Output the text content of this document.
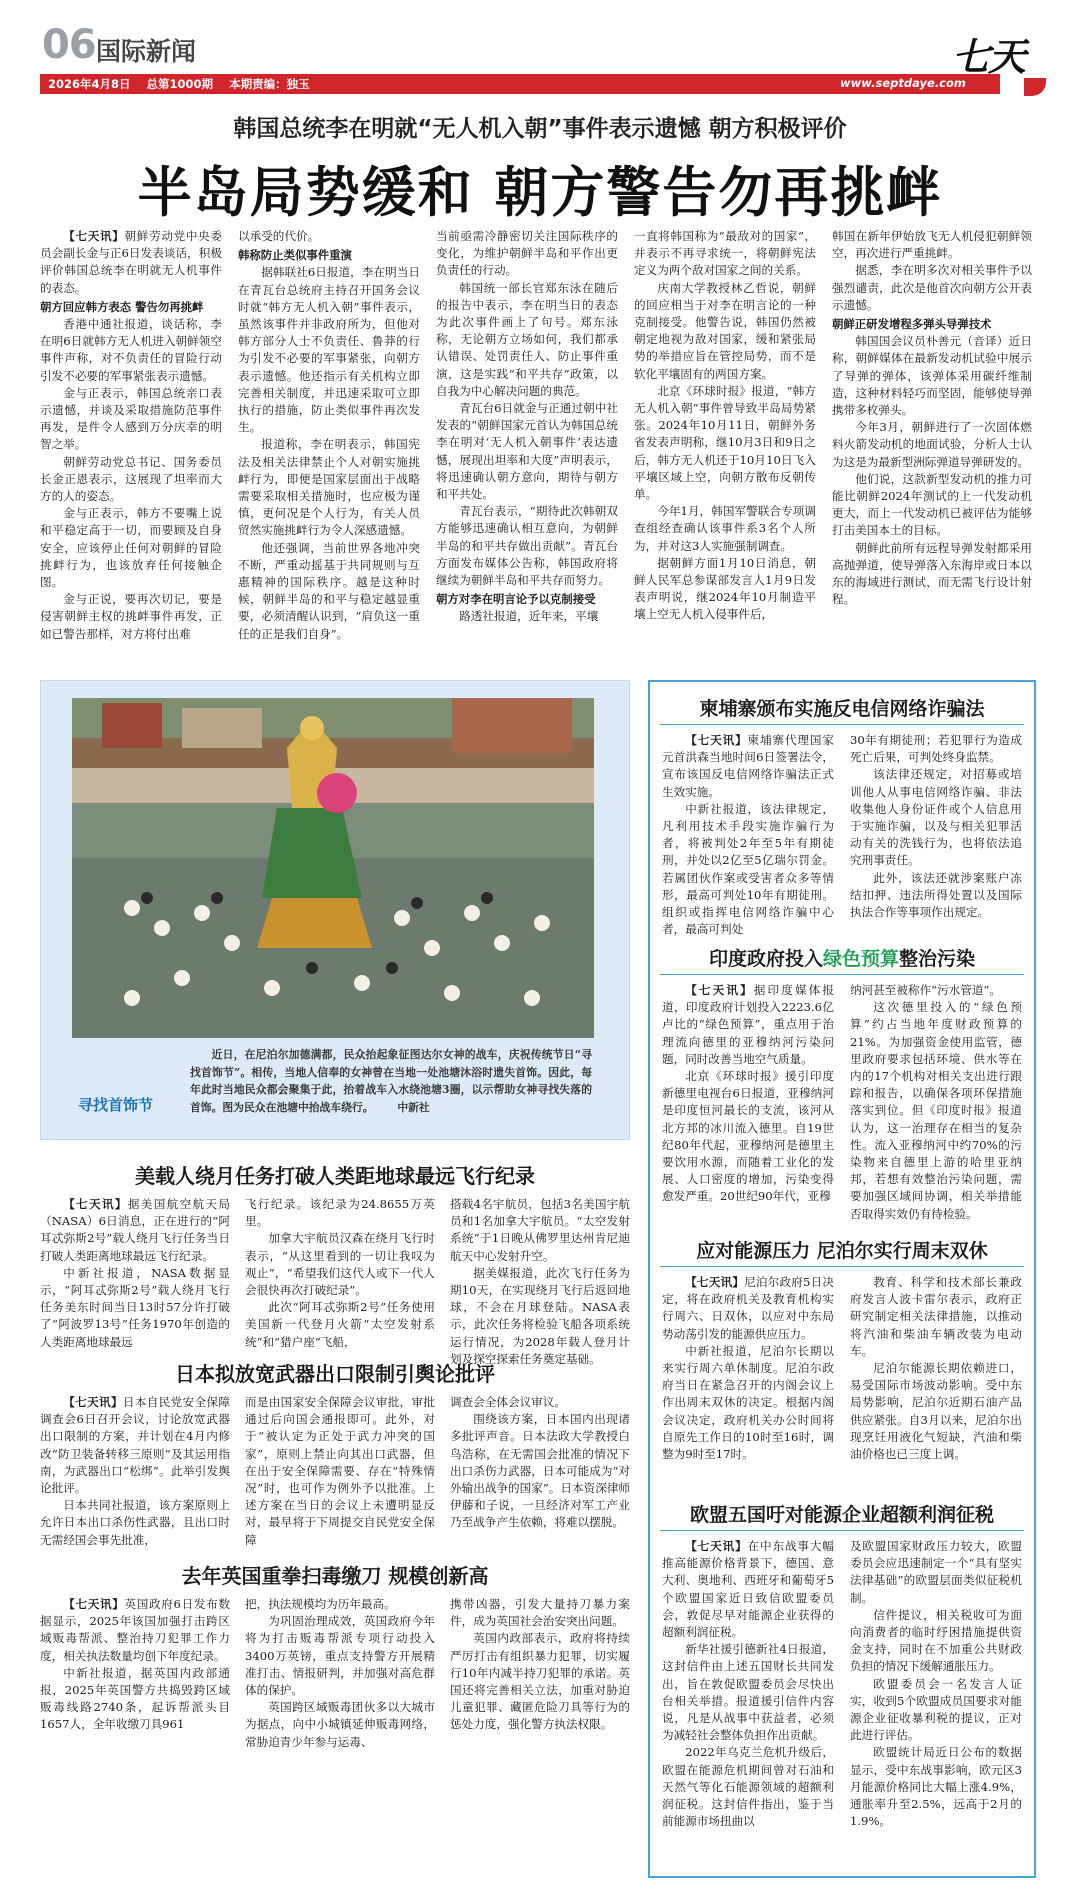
06 国际新闻
2026年4月8日 总第1000期 本期责编：独玉	www.septdaye.com
七天
韩国总统李在明就“无人机入朝”事件表示遗憾 朝方积极评价
半岛局势缓和 朝方警告勿再挑衅

【七天讯】朝鲜劳动党中央委员会副长金与正6日发表谈话，积极评价韩国总统李在明就无人机事件的表态。

朝方回应韩方表态 警告勿再挑衅

香港中通社报道，谈话称，李在明6日就韩方无人机进入朝鲜领空事件声称，对不负责任的冒险行动引发不必要的军事紧张表示遗憾。

金与正表示，韩国总统亲口表示遗憾，并谈及采取措施防范事件再发，是件令人感到万分庆幸的明智之举。

朝鲜劳动党总书记、国务委员长金正恩表示，这展现了坦率而大方的人的姿态。

金与正表示，韩方不要嘴上说和平稳定高于一切，而要顾及自身安全，应该停止任何对朝鲜的冒险挑衅行为，也该放弃任何接触企图。

金与正说，要再次切记，要是侵害朝鲜主权的挑衅事件再发，正如已警告那样，对方将付出难

以承受的代价。

韩称防止类似事件重演

据韩联社6日报道，李在明当日在青瓦台总统府主持召开国务会议时就“韩方无人机入朝”事件表示，虽然该事件并非政府所为，但他对韩方部分人士不负责任、鲁莽的行为引发不必要的军事紧张，向朝方表示遗憾。他还指示有关机构立即完善相关制度，并迅速采取可立即执行的措施，防止类似事件再次发生。

报道称，李在明表示，韩国宪法及相关法律禁止个人对朝实施挑衅行为，即便是国家层面出于战略需要采取相关措施时，也应极为谨慎，更何况是个人行为，有关人员贸然实施挑衅行为令人深感遗憾。

他还强调，当前世界各地冲突不断，严重动摇基于共同规则与互惠精神的国际秩序。越是这种时候，朝鲜半岛的和平与稳定越显重要，必须清醒认识到，“肩负这一重任的正是我们自身”。

当前亟需冷静密切关注国际秩序的变化，为维护朝鲜半岛和平作出更负责任的行动。

韩国统一部长官郑东泳在随后的报告中表示，李在明当日的表态为此次事件画上了句号。郑东泳称，无论朝方立场如何，我们都承认错误、处罚责任人、防止事件重演，这是实践“和平共存”政策，以自我为中心解决问题的典范。

青瓦台6日就金与正通过朝中社发表的“朝鲜国家元首认为韩国总统李在明对‘无人机入朝事件’表达遗憾，展现出坦率和大度”声明表示，将迅速确认朝方意向，期待与朝方和平共处。

青瓦台表示，“期待此次韩朝双方能够迅速确认相互意向，为朝鲜半岛的和平共存做出贡献”。青瓦台方面发布媒体公告称，韩国政府将继续为朝鲜半岛和平共存而努力。

朝方对李在明言论予以克制接受

路透社报道，近年来，平壤

一直将韩国称为“最敌对的国家”，并表示不再寻求统一，将朝鲜宪法定义为两个敌对国家之间的关系。

庆南大学教授林乙哲说，朝鲜的回应相当于对李在明言论的一种克制接受。他警告说，韩国仍然被朝定地视为敌对国家，缓和紧张局势的举措应旨在管控局势，而不是软化平壤固有的两国方案。

北京《环球时报》报道，“韩方无人机入朝”事件曾导致半岛局势紧张。2024年10月11日，朝鲜外务省发表声明称，继10月3日和9日之后，韩方无人机还于10月10日飞入平壤区域上空，向朝方散布反朝传单。

今年1月，韩国军警联合专项调查组经查确认该事件系3名个人所为，并对这3人实施强制调查。

据朝鲜方面1月10日消息，朝鲜人民军总参谋部发言人1月9日发表声明说，继2024年10月制造平壤上空无人机入侵事件后，

韩国在新年伊始放飞无人机侵犯朝鲜领空，再次进行严重挑衅。

据悉，李在明多次对相关事件予以强烈谴责，此次是他首次向朝方公开表示遗憾。

朝鲜正研发增程多弹头导弹技术

韩国国会议员朴善元（音译）近日称，朝鲜媒体在最新发动机试验中展示了导弹的弹体，该弹体采用碳纤维制造，这种材料轻巧而坚固，能够使导弹携带多枚弹头。

今年3月，朝鲜进行了一次固体燃料火箭发动机的地面试验，分析人士认为这是为最新型洲际弹道导弹研发的。

他们说，这款新型发动机的推力可能比朝鲜2024年测试的上一代发动机更大，而上一代发动机已被评估为能够打击美国本土的目标。

朝鲜此前所有远程导弹发射都采用高抛弹道，使导弹落入东海岸或日本以东的海域进行测试，而无需飞行设计射程。

寻找首饰节
近日，在尼泊尔加德满都，民众抬起象征图达尔女神的战车，庆祝传统节日“寻找首饰节”。相传，当地人信奉的女神曾在当地一处池塘沐浴时遗失首饰。因此，每年此时当地民众都会聚集于此，抬着战车入水绕池塘3圈，以示帮助女神寻找失落的首饰。图为民众在池塘中抬战车绕行。 中新社
美载人绕月任务打破人类距地球最远飞行纪录

【七天讯】据美国航空航天局（NASA）6日消息，正在进行的“阿耳忒弥斯2号”载人绕月飞行任务当日打破人类距离地球最远飞行纪录。

中新社报道，NASA数据显示，“阿耳忒弥斯2号”载人绕月飞行任务美东时间当日13时57分许打破了“阿波罗13号”任务1970年创造的人类距离地球最远

飞行纪录。该纪录为24.8655万英里。

加拿大宇航员汉森在绕月飞行时表示，“从这里看到的一切让我叹为观止”，“希望我们这代人或下一代人会很快再次打破纪录”。

此次“阿耳忒弥斯2号”任务使用美国新一代登月火箭“太空发射系统”和“猎户座”飞船，

搭载4名宇航员，包括3名美国宇航员和1名加拿大宇航员。“太空发射系统”于1日晚从佛罗里达州肯尼迪航天中心发射升空。

据美媒报道，此次飞行任务为期10天，在实现绕月飞行后返回地球，不会在月球登陆。NASA表示，此次任务将检验飞船各项系统运行情况，为2028年载人登月计划及探空探索任务奠定基础。

日本拟放宽武器出口限制引舆论批评

【七天讯】日本自民党安全保障调查会6日召开会议，讨论放宽武器出口限制的方案，并计划在4月内修改“防卫装备转移三原则”及其运用指南，为武器出口“松绑”。此举引发舆论批评。

日本共同社报道，该方案原则上允许日本出口杀伤性武器，且出口时无需经国会事先批准，

而是由国家安全保障会议审批，审批通过后向国会通报即可。此外，对于“被认定为正处于武力冲突的国家”，原则上禁止向其出口武器，但在出于安全保障需要、存在“特殊情况”时，也可作为例外予以批准。上述方案在当日的会议上未遭明显反对，最早将于下周提交自民党安全保障

调查会全体会议审议。

围绕该方案，日本国内出现诸多批评声音。日本法政大学教授白鸟浩称，在无需国会批准的情况下出口杀伤力武器，日本可能成为“对外输出战争的国家”。日本资深律师伊藤和子说，一旦经济对军工产业乃至战争产生依赖，将难以摆脱。

去年英国重拳扫毒缴刀 规模创新高

【七天讯】英国政府6日发布数据显示，2025年该国加强打击跨区域贩毒帮派、整治持刀犯罪工作力度，相关执法数量均创下年度纪录。

中新社报道，据英国内政部通报，2025年英国警方共捣毁跨区域贩毒线路2740条，起诉帮派头目1657人，全年收缴刀具961

把，执法规模均为历年最高。

为巩固治理成效，英国政府今年将为打击贩毒帮派专项行动投入3400万英镑，重点支持警方开展精准打击、情报研判，并加强对高危群体的保护。

英国跨区域贩毒团伙多以大城市为据点，向中小城镇延伸贩毒网络，常胁迫青少年参与运毒、

携带凶器，引发大量持刀暴力案件，成为英国社会治安突出问题。

英国内政部表示，政府将持续严厉打击有组织暴力犯罪，切实履行10年内减半持刀犯罪的承诺。英国还将完善相关立法，加重对胁迫儿童犯罪、藏匿危险刀具等行为的惩处力度，强化警方执法权限。

柬埔寨颁布实施反电信网络诈骗法

【七天讯】柬埔寨代理国家元首洪森当地时间6日签署法令，宣布该国反电信网络诈骗法正式生效实施。

中新社报道，该法律规定，凡利用技术手段实施诈骗行为者，将被判处2年至5年有期徒刑，并处以2亿至5亿瑞尔罚金。若属团伙作案或受害者众多等情形，最高可判处10年有期徒刑。组织或指挥电信网络诈骗中心者，最高可判处

30年有期徒刑；若犯罪行为造成死亡后果，可判处终身监禁。

该法律还规定，对招募或培训他人从事电信网络诈骗、非法收集他人身份证件或个人信息用于实施诈骗，以及与相关犯罪活动有关的洗钱行为，也将依法追究刑事责任。

此外，该法还就涉案账户冻结扣押、违法所得处置以及国际执法合作等事项作出规定。

印度政府投入绿色预算整治污染

【七天讯】据印度媒体报道，印度政府计划投入2223.6亿卢比的“绿色预算”，重点用于治理流向德里的亚穆纳河污染问题，同时改善当地空气质量。

北京《环球时报》援引印度新德里电视台6日报道，亚穆纳河是印度恒河最长的支流，该河从北方邦的冰川流入德里。自19世纪80年代起，亚穆纳河是德里主要饮用水源，而随着工业化的发展、人口密度的增加，污染变得愈发严重。20世纪90年代，亚穆

纳河甚至被称作“污水管道”。

这次德里投入的“绿色预算”约占当地年度财政预算的21%。为加强资金使用监管，德里政府要求包括环境、供水等在内的17个机构对相关支出进行跟踪和报告，以确保各项环保措施落实到位。但《印度时报》报道认为，这一治理存在相当的复杂性。流入亚穆纳河中约70%的污染物来自德里上游的哈里亚纳邦，若想有效整治污染问题，需要加强区域间协调，相关举措能否取得实效仍有待检验。

应对能源压力 尼泊尔实行周末双休

【七天讯】尼泊尔政府5日决定，将在政府机关及教育机构实行周六、日双休，以应对中东局势动荡引发的能源供应压力。

中新社报道，尼泊尔长期以来实行周六单休制度。尼泊尔政府当日在紧急召开的内阁会议上作出周末双休的决定。根据内阁会议决定，政府机关办公时间将自原先工作日的10时至16时，调整为9时至17时。

教育、科学和技术部长兼政府发言人波卡雷尔表示，政府正研究制定相关法律措施，以推动将汽油和柴油车辆改装为电动车。

尼泊尔能源长期依赖进口，易受国际市场波动影响。受中东局势影响，尼泊尔近期石油产品供应紧张。自3月以来，尼泊尔出现烹饪用液化气短缺，汽油和柴油价格也已三度上调。

欧盟五国吁对能源企业超额利润征税

【七天讯】在中东战事大幅推高能源价格背景下，德国、意大利、奥地利、西班牙和葡萄牙5个欧盟国家近日致信欧盟委员会，敦促尽早对能源企业获得的超额利润征税。

新华社援引德新社4日报道，这封信件由上述五国财长共同发出，旨在敦促欧盟委员会尽快出台相关举措。报道援引信件内容说，凡是从战事中获益者，必须为减轻社会整体负担作出贡献。

2022年乌克兰危机升级后，欧盟在能源危机期间曾对石油和天然气等化石能源领域的超额利润征税。这封信件指出，鉴于当前能源市场扭曲以

及欧盟国家财政压力较大，欧盟委员会应迅速制定一个“具有坚实法律基础”的欧盟层面类似征税机制。

信件提议，相关税收可为面向消费者的临时纾困措施提供资金支持，同时在不加重公共财政负担的情况下缓解通胀压力。

欧盟委员会一名发言人证实，收到5个欧盟成员国要求对能源企业征收暴利税的提议，正对此进行评估。

欧盟统计局近日公布的数据显示，受中东战事影响，欧元区3月能源价格同比大幅上涨4.9%，通胀率升至2.5%，远高于2月的1.9%。
